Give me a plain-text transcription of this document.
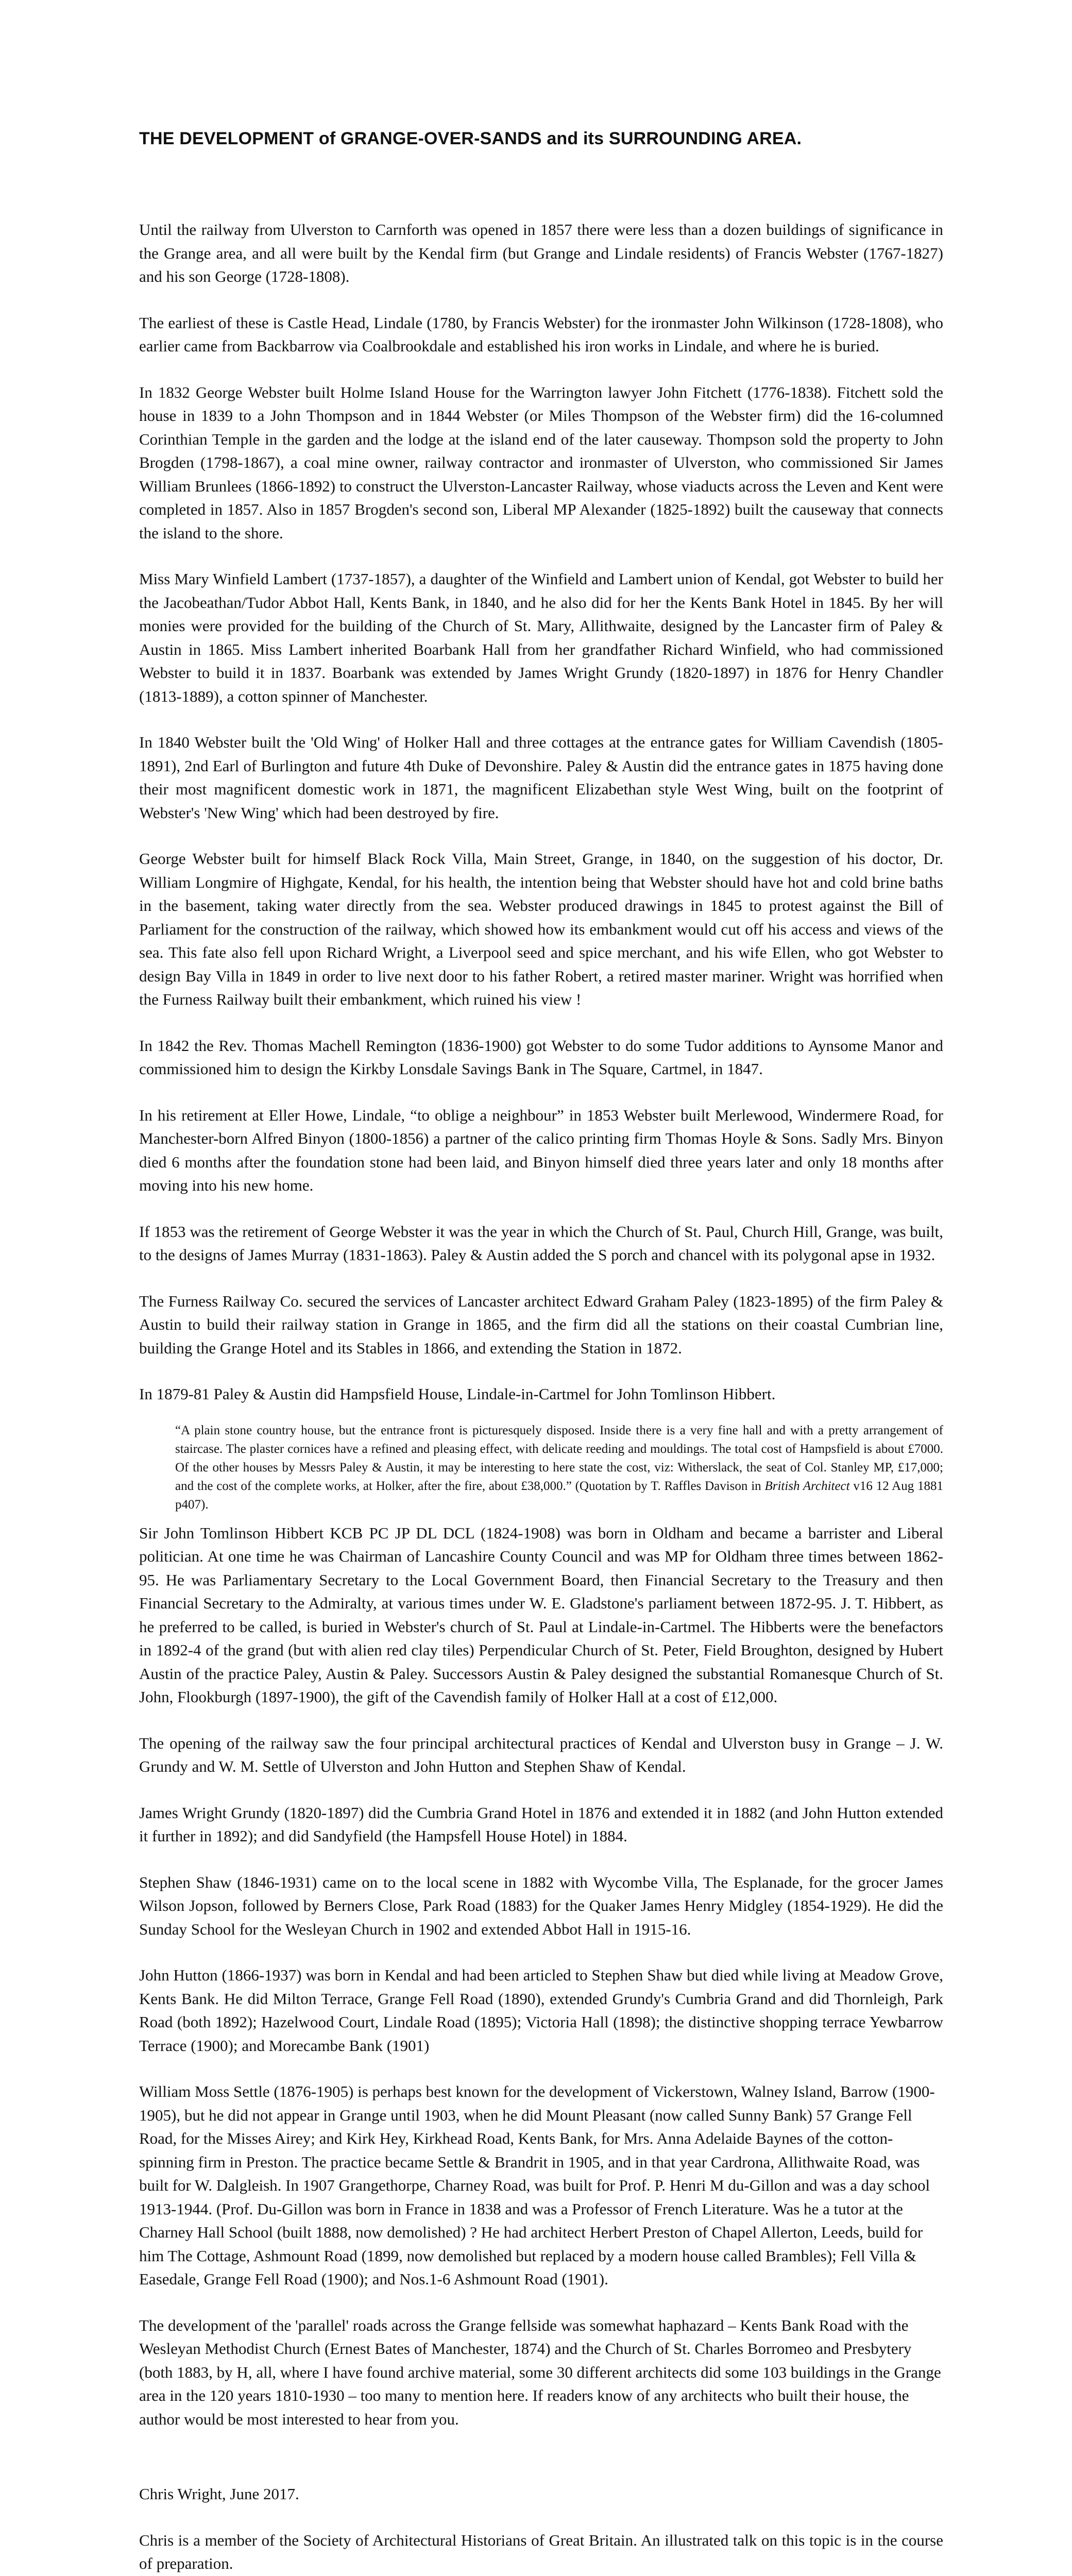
THE DEVELOPMENT of GRANGE-OVER-SANDS and its SURROUNDING AREA.

Until the railway from Ulverston to Carnforth was opened in 1857 there were less than a dozen buildings of significance in the Grange area, and all were built by the Kendal firm (but Grange and Lindale residents) of Francis Webster (1767-1827) and his son George (1728-1808).

The earliest of these is Castle Head, Lindale (1780, by Francis Webster) for the ironmaster John Wilkinson (1728-1808), who earlier came from Backbarrow via Coalbrookdale and established his iron works in Lindale, and where he is buried.

In 1832 George Webster built Holme Island House for the Warrington lawyer John Fitchett (1776-1838). Fitchett sold the house in 1839 to a John Thompson and in 1844 Webster (or Miles Thompson of the Webster firm) did the 16-columned Corinthian Temple in the garden and the lodge at the island end of the later causeway. Thompson sold the property to John Brogden (1798-1867), a coal mine owner, railway contractor and ironmaster of Ulverston, who commissioned Sir James William Brunlees (1866-1892) to construct the Ulverston-Lancaster Railway, whose viaducts across the Leven and Kent were completed in 1857. Also in 1857 Brogden's second son, Liberal MP Alexander (1825-1892) built the causeway that connects the island to the shore.

Miss Mary Winfield Lambert (1737-1857), a daughter of the Winfield and Lambert union of Kendal, got Webster to build her the Jacobeathan/Tudor Abbot Hall, Kents Bank, in 1840, and he also did for her the Kents Bank Hotel in 1845. By her will monies were provided for the building of the Church of St. Mary, Allithwaite, designed by the Lancaster firm of Paley & Austin in 1865. Miss Lambert inherited Boarbank Hall from her grandfather Richard Winfield, who had commissioned Webster to build it in 1837. Boarbank was extended by James Wright Grundy (1820-1897) in 1876 for Henry Chandler (1813-1889), a cotton spinner of Manchester.

In 1840 Webster built the 'Old Wing' of Holker Hall and three cottages at the entrance gates for William Cavendish (1805-1891), 2nd Earl of Burlington and future 4th Duke of Devonshire. Paley & Austin did the entrance gates in 1875 having done their most magnificent domestic work in 1871, the magnificent Elizabethan style West Wing, built on the footprint of Webster's 'New Wing' which had been destroyed by fire.

George Webster built for himself Black Rock Villa, Main Street, Grange, in 1840, on the suggestion of his doctor, Dr. William Longmire of Highgate, Kendal, for his health, the intention being that Webster should have hot and cold brine baths in the basement, taking water directly from the sea. Webster produced drawings in 1845 to protest against the Bill of Parliament for the construction of the railway, which showed how its embankment would cut off his access and views of the sea. This fate also fell upon Richard Wright, a Liverpool seed and spice merchant, and his wife Ellen, who got Webster to design Bay Villa in 1849 in order to live next door to his father Robert, a retired master mariner. Wright was horrified when the Furness Railway built their embankment, which ruined his view !

In 1842 the Rev. Thomas Machell Remington (1836-1900) got Webster to do some Tudor additions to Aynsome Manor and commissioned him to design the Kirkby Lonsdale Savings Bank in The Square, Cartmel, in 1847.

In his retirement at Eller Howe, Lindale, “to oblige a neighbour” in 1853 Webster built Merlewood, Windermere Road, for Manchester-born Alfred Binyon (1800-1856) a partner of the calico printing firm Thomas Hoyle & Sons. Sadly Mrs. Binyon died 6 months after the foundation stone had been laid, and Binyon himself died three years later and only 18 months after moving into his new home.

If 1853 was the retirement of George Webster it was the year in which the Church of St. Paul, Church Hill, Grange, was built, to the designs of James Murray (1831-1863). Paley & Austin added the S porch and chancel with its polygonal apse in 1932.

The Furness Railway Co. secured the services of Lancaster architect Edward Graham Paley (1823-1895) of the firm Paley & Austin to build their railway station in Grange in 1865, and the firm did all the stations on their coastal Cumbrian line, building the Grange Hotel and its Stables in 1866, and extending the Station in 1872.

In 1879-81 Paley & Austin did Hampsfield House, Lindale-in-Cartmel for John Tomlinson Hibbert.

“A plain stone country house, but the entrance front is picturesquely disposed. Inside there is a very fine hall and with a pretty arrangement of staircase. The plaster cornices have a refined and pleasing effect, with delicate reeding and mouldings. The total cost of Hampsfield is about £7000. Of the other houses by Messrs Paley & Austin, it may be interesting to here state the cost, viz: Witherslack, the seat of Col. Stanley MP, £17,000; and the cost of the complete works, at Holker, after the fire, about £38,000.” (Quotation by T. Raffles Davison in British Architect v16 12 Aug 1881 p407).

Sir John Tomlinson Hibbert KCB PC JP DL DCL (1824-1908) was born in Oldham and became a barrister and Liberal politician. At one time he was Chairman of Lancashire County Council and was MP for Oldham three times between 1862-95. He was Parliamentary Secretary to the Local Government Board, then Financial Secretary to the Treasury and then Financial Secretary to the Admiralty, at various times under W. E. Gladstone's parliament between 1872-95. J. T. Hibbert, as he preferred to be called, is buried in Webster's church of St. Paul at Lindale-in-Cartmel. The Hibberts were the benefactors in 1892-4 of the grand (but with alien red clay tiles) Perpendicular Church of St. Peter, Field Broughton, designed by Hubert Austin of the practice Paley, Austin & Paley. Successors Austin & Paley designed the substantial Romanesque Church of St. John, Flookburgh (1897-1900), the gift of the Cavendish family of Holker Hall at a cost of £12,000.

The opening of the railway saw the four principal architectural practices of Kendal and Ulverston busy in Grange – J. W. Grundy and W. M. Settle of Ulverston and John Hutton and Stephen Shaw of Kendal.

James Wright Grundy (1820-1897) did the Cumbria Grand Hotel in 1876 and extended it in 1882 (and John Hutton extended it further in 1892); and did Sandyfield (the Hampsfell House Hotel) in 1884.

Stephen Shaw (1846-1931) came on to the local scene in 1882 with Wycombe Villa, The Esplanade, for the grocer James Wilson Jopson, followed by Berners Close, Park Road (1883) for the Quaker James Henry Midgley (1854-1929). He did the Sunday School for the Wesleyan Church in 1902 and extended Abbot Hall in 1915-16.

John Hutton (1866-1937) was born in Kendal and had been articled to Stephen Shaw but died while living at Meadow Grove, Kents Bank. He did Milton Terrace, Grange Fell Road (1890), extended Grundy's Cumbria Grand and did Thornleigh, Park Road (both 1892); Hazelwood Court, Lindale Road (1895); Victoria Hall (1898); the distinctive shopping terrace Yewbarrow Terrace (1900); and Morecambe Bank (1901)

William Moss Settle (1876-1905) is perhaps best known for the development of Vickerstown, Walney Island, Barrow (1900-1905), but he did not appear in Grange until 1903, when he did Mount Pleasant (now called Sunny Bank) 57 Grange Fell Road, for the Misses Airey; and Kirk Hey, Kirkhead Road, Kents Bank, for Mrs. Anna Adelaide Baynes of the cotton-spinning firm in Preston. The practice became Settle & Brandrit in 1905, and in that year Cardrona, Allithwaite Road, was built for W. Dalgleish. In 1907 Grangethorpe, Charney Road, was built for Prof. P. Henri M du-Gillon and was a day school 1913-1944. (Prof. Du-Gillon was born in France in 1838 and was a Professor of French Literature. Was he a tutor at the Charney Hall School (built 1888, now demolished) ? He had architect Herbert Preston of Chapel Allerton, Leeds, build for him The Cottage, Ashmount Road (1899, now demolished but replaced by a modern house called Brambles); Fell Villa & Easedale, Grange Fell Road (1900); and Nos.1-6 Ashmount Road (1901).

The development of the 'parallel' roads across the Grange fellside was somewhat haphazard – Kents Bank Road with the Wesleyan Methodist Church (Ernest Bates of Manchester, 1874) and the Church of St. Charles Borromeo and Presbytery (both 1883, by H, all, where I have found archive material, some 30 different architects did some 103 buildings in the Grange area in the 120 years 1810-1930 – too many to mention here. If readers know of any architects who built their house, the author would be most interested to hear from you.

Chris Wright, June 2017.

Chris is a member of the Society of Architectural Historians of Great Britain. An illustrated talk on this topic is in the course of preparation.
